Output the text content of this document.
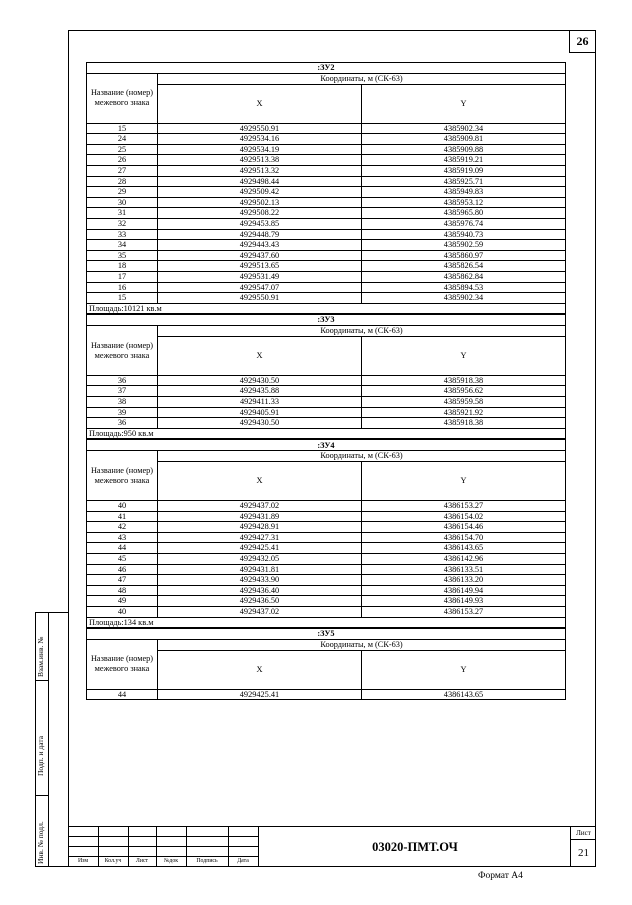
26
Взам.инв. №
Подп. и дата
Инв. № подл.
:ЗУ2		
Название (номер) межевого знака	Координаты, м (СК-63)	
	X	Y
15	4929550.91	4385902.34
24	4929534.16	4385909.81
25	4929534.19	4385909.88
26	4929513.38	4385919.21
27	4929513.32	4385919.09
28	4929498.44	4385925.71
29	4929509.42	4385949.83
30	4929502.13	4385953.12
31	4929508.22	4385965.80
32	4929453.85	4385976.74
33	4929448.79	4385940.73
34	4929443.43	4385902.59
35	4929437.60	4385860.97
18	4929513.65	4385826.54
17	4929531.49	4385862.84
16	4929547.07	4385894.53
15	4929550.91	4385902.34
Площадь:10121 кв.м		
:ЗУ3		
Название (номер) межевого знака	Координаты, м (СК-63)	
	X	Y
36	4929430.50	4385918.38
37	4929435.88	4385956.62
38	4929411.33	4385959.58
39	4929405.91	4385921.92
36	4929430.50	4385918.38
Площадь:950 кв.м		
:ЗУ4		
Название (номер) межевого знака	Координаты, м (СК-63)	
	X	Y
40	4929437.02	4386153.27
41	4929431.89	4386154.02
42	4929428.91	4386154.46
43	4929427.31	4386154.70
44	4929425.41	4386143.65
45	4929432.05	4386142.96
46	4929431.81	4386133.51
47	4929433.90	4386133.20
48	4929436.40	4386149.94
49	4929436.50	4386149.93
40	4929437.02	4386153.27
Площадь:134 кв.м		
:ЗУ5		
Название (номер) межевого знака	Координаты, м (СК-63)	
	X	Y
44	4929425.41	4386143.65
Изм	Кол.уч	Лист	№док	Подпись	Дата
03020-ПМТ.ОЧ
Лист
21
Формат А4
